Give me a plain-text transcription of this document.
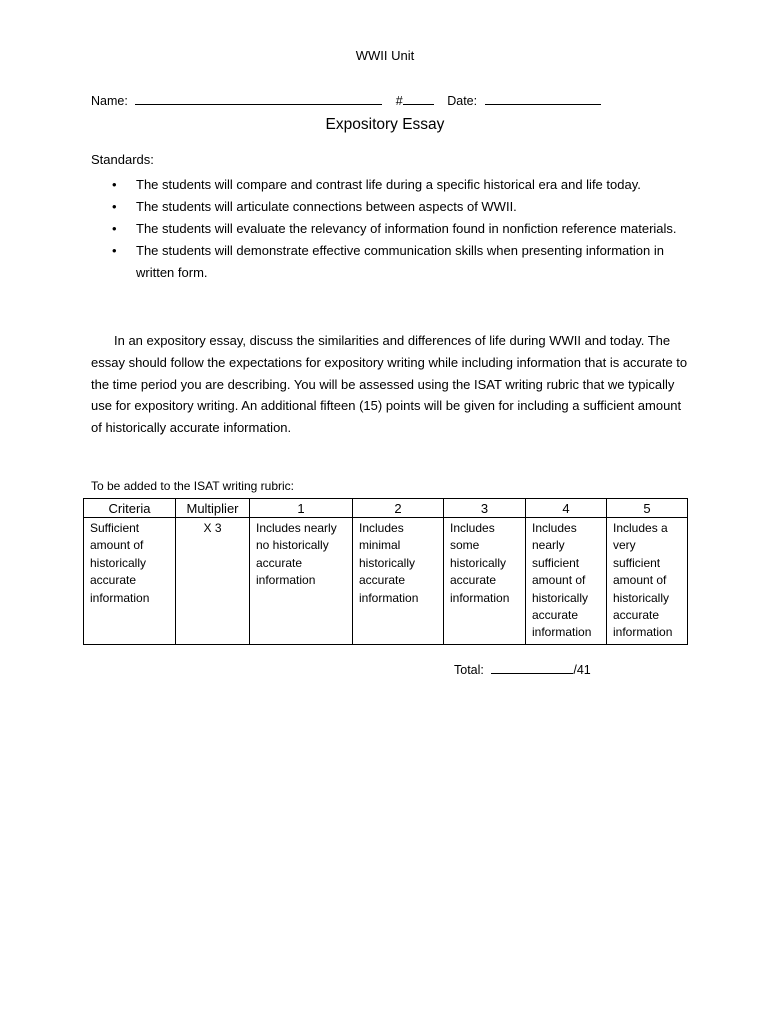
WWII Unit
Name:	#	Date:
Expository Essay
Standards:
• The students will compare and contrast life during a specific historical era and life today.
• The students will articulate connections between aspects of WWII.
• The students will evaluate the relevancy of information found in nonfiction reference materials.
• The students will demonstrate effective communication skills when presenting information in written form.
In an expository essay, discuss the similarities and differences of life during WWII and today. The essay should follow the expectations for expository writing while including information that is accurate to the time period you are describing. You will be assessed using the ISAT writing rubric that we typically use for expository writing. An additional fifteen (15) points will be given for including a sufficient amount of historically accurate information.
To be added to the ISAT writing rubric:
Criteria	Multiplier	1	2	3	4	5
Sufficient amount of historically accurate information	X 3	Includes nearly no historically accurate information	Includes minimal historically accurate information	Includes some historically accurate information	Includes nearly sufficient amount of historically accurate information	Includes a very sufficient amount of historically accurate information
Total:	/41
